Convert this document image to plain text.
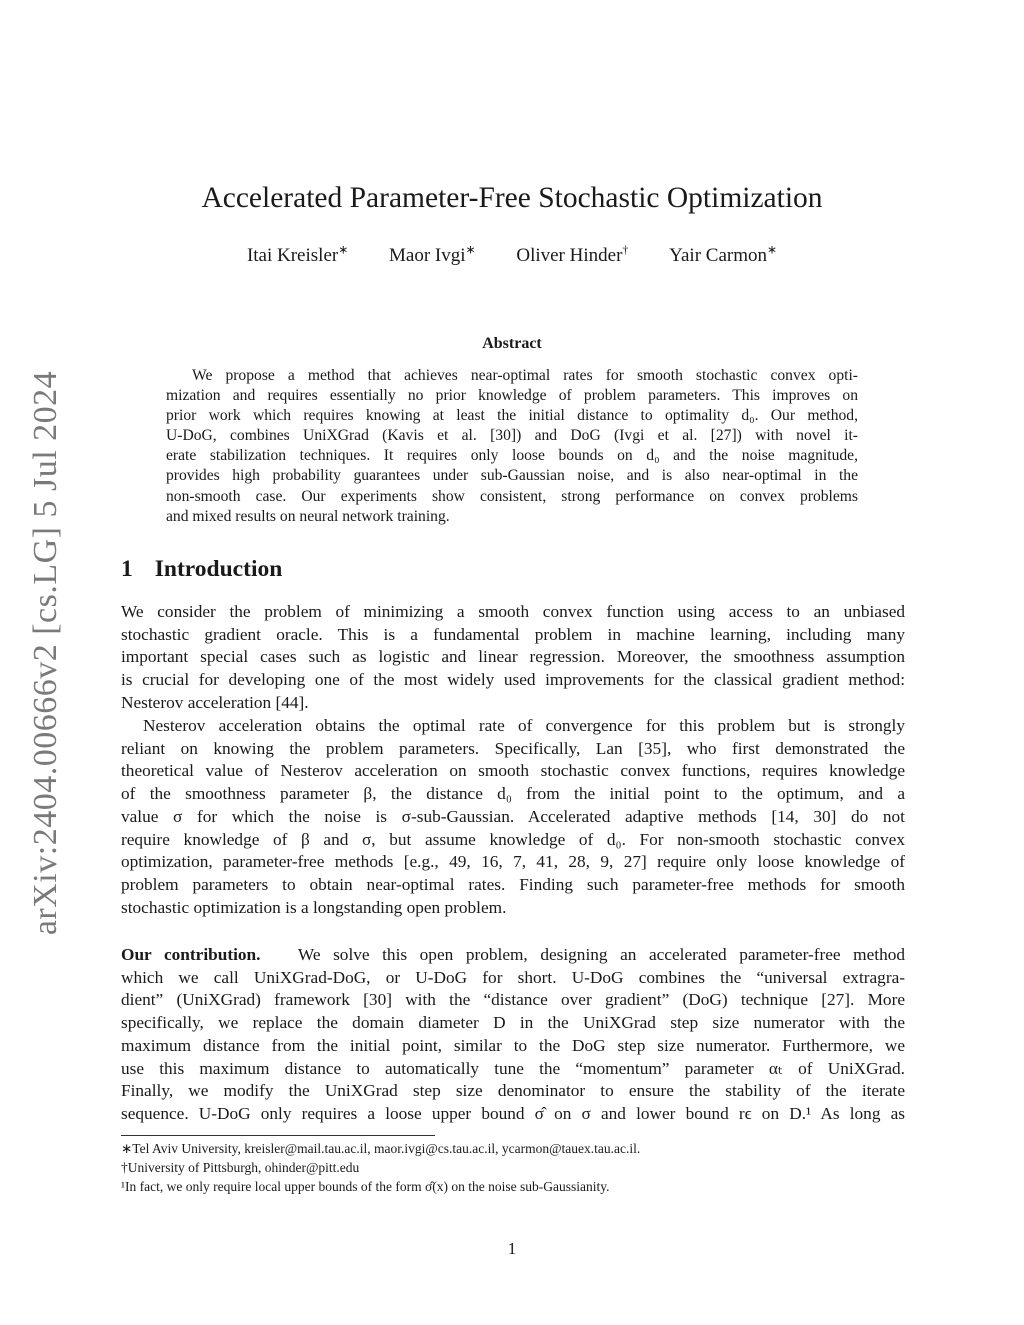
arXiv:2404.00666v2 [cs.LG] 5 Jul 2024
Accelerated Parameter-Free Stochastic Optimization
Itai Kreisler∗ Maor Ivgi∗ Oliver Hinder† Yair Carmon∗
Abstract
We propose a method that achieves near-optimal rates for smooth stochastic convex opti-
mization and requires essentially no prior knowledge of problem parameters. This improves on
prior work which requires knowing at least the initial distance to optimality d₀. Our method,
U-DoG, combines UniXGrad (Kavis et al. [30]) and DoG (Ivgi et al. [27]) with novel it-
erate stabilization techniques. It requires only loose bounds on d₀ and the noise magnitude,
provides high probability guarantees under sub-Gaussian noise, and is also near-optimal in the
non-smooth case. Our experiments show consistent, strong performance on convex problems
and mixed results on neural network training.
1 Introduction
We consider the problem of minimizing a smooth convex function using access to an unbiased
stochastic gradient oracle. This is a fundamental problem in machine learning, including many
important special cases such as logistic and linear regression. Moreover, the smoothness assumption
is crucial for developing one of the most widely used improvements for the classical gradient method:
Nesterov acceleration [44].
Nesterov acceleration obtains the optimal rate of convergence for this problem but is strongly
reliant on knowing the problem parameters. Specifically, Lan [35], who first demonstrated the
theoretical value of Nesterov acceleration on smooth stochastic convex functions, requires knowledge
of the smoothness parameter β, the distance d₀ from the initial point to the optimum, and a
value σ for which the noise is σ-sub-Gaussian. Accelerated adaptive methods [14, 30] do not
require knowledge of β and σ, but assume knowledge of d₀. For non-smooth stochastic convex
optimization, parameter-free methods [e.g., 49, 16, 7, 41, 28, 9, 27] require only loose knowledge of
problem parameters to obtain near-optimal rates. Finding such parameter-free methods for smooth
stochastic optimization is a longstanding open problem.
Our contribution. We solve this open problem, designing an accelerated parameter-free method
which we call UniXGrad-DoG, or U-DoG for short. U-DoG combines the “universal extragra-
dient” (UniXGrad) framework [30] with the “distance over gradient” (DoG) technique [27]. More
specifically, we replace the domain diameter D in the UniXGrad step size numerator with the
maximum distance from the initial point, similar to the DoG step size numerator. Furthermore, we
use this maximum distance to automatically tune the “momentum” parameter αₜ of UniXGrad.
Finally, we modify the UniXGrad step size denominator to ensure the stability of the iterate
sequence. U-DoG only requires a loose upper bound σ̂ on σ and lower bound rϵ on D.¹ As long as
∗Tel Aviv University, kreisler@mail.tau.ac.il, maor.ivgi@cs.tau.ac.il, ycarmon@tauex.tau.ac.il.
†University of Pittsburgh, ohinder@pitt.edu
¹In fact, we only require local upper bounds of the form σ̂(x) on the noise sub-Gaussianity.
1
